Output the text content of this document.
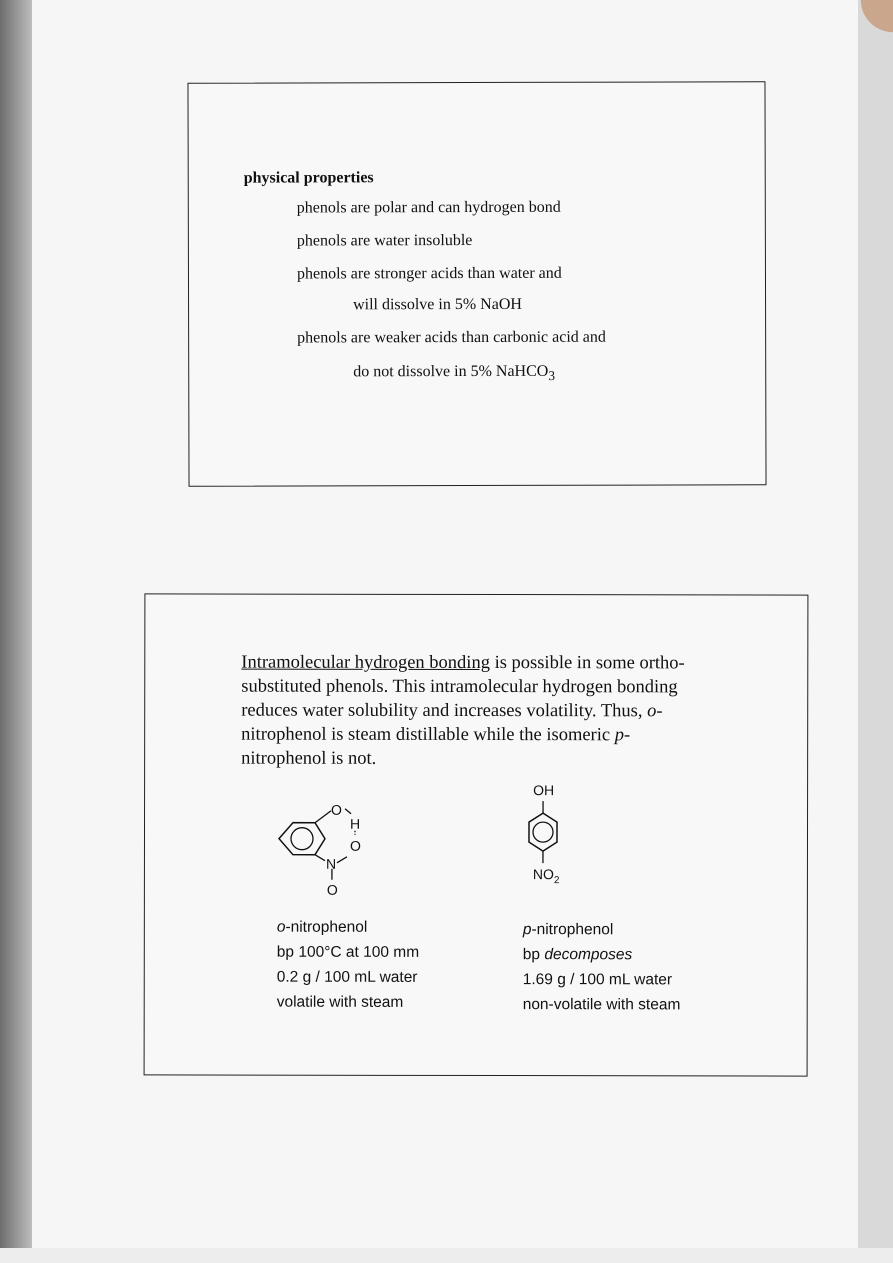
physical properties
phenols are polar and can hydrogen bond
phenols are water insoluble
phenols are stronger acids than water and
will dissolve in 5% NaOH
phenols are weaker acids than carbonic acid and
do not dissolve in 5% NaHCO$_3$
Intramolecular hydrogen bonding is possible in some ortho-substituted phenols. This intramolecular hydrogen bonding reduces water solubility and increases volatility. Thus, o-nitrophenol is steam distillable while the isomeric p-nitrophenol is not.
O
H
O
N
O
OH
$NO_2$
o-nitrophenol
bp 100°C at 100 mm
0.2 g / 100 mL water
volatile with steam
p-nitrophenol
bp decomposes
1.69 g / 100 mL water
non-volatile with steam
